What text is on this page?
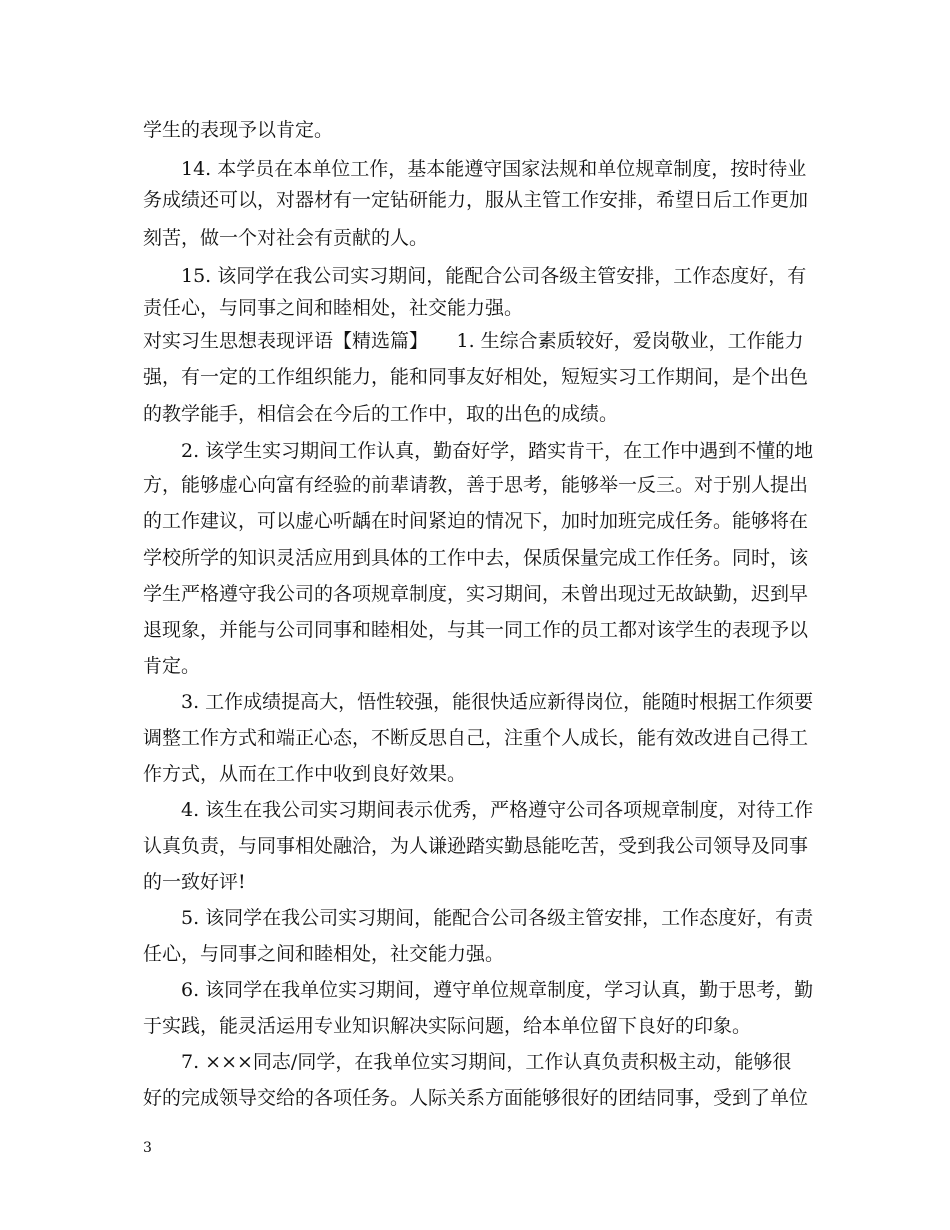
学生的表现予以肯定。
　　14. 本学员在本单位工作，基本能遵守国家法规和单位规章制度，按时待业
务成绩还可以，对器材有一定钻研能力，服从主管工作安排，希望日后工作更加
刻苦，做一个对社会有贡献的人。
　　15. 该同学在我公司实习期间，能配合公司各级主管安排，工作态度好，有
责任心，与同事之间和睦相处，社交能力强。
对实习生思想表现评语【精选篇】　　1. 生综合素质较好，爱岗敬业，工作能力
强，有一定的工作组织能力，能和同事友好相处，短短实习工作期间，是个出色
的教学能手，相信会在今后的工作中，取的出色的成绩。
　　2. 该学生实习期间工作认真，勤奋好学，踏实肯干，在工作中遇到不懂的地
方，能够虚心向富有经验的前辈请教，善于思考，能够举一反三。对于别人提出
的工作建议，可以虚心听龋在时间紧迫的情况下，加时加班完成任务。能够将在
学校所学的知识灵活应用到具体的工作中去，保质保量完成工作任务。同时，该
学生严格遵守我公司的各项规章制度，实习期间，未曾出现过无故缺勤，迟到早
退现象，并能与公司同事和睦相处，与其一同工作的员工都对该学生的表现予以
肯定。
　　3. 工作成绩提高大，悟性较强，能很快适应新得岗位，能随时根据工作须要
调整工作方式和端正心态，不断反思自己，注重个人成长，能有效改进自己得工
作方式，从而在工作中收到良好效果。
　　4. 该生在我公司实习期间表示优秀，严格遵守公司各项规章制度，对待工作
认真负责，与同事相处融洽，为人谦逊踏实勤恳能吃苦，受到我公司领导及同事
的一致好评!
　　5. 该同学在我公司实习期间，能配合公司各级主管安排，工作态度好，有责
任心，与同事之间和睦相处，社交能力强。
　　6. 该同学在我单位实习期间，遵守单位规章制度，学习认真，勤于思考，勤
于实践，能灵活运用专业知识解决实际问题，给本单位留下良好的印象。
　　7. ×××同志/同学，在我单位实习期间，工作认真负责积极主动，能够很
好的完成领导交给的各项任务。人际关系方面能够很好的团结同事，受到了单位
3
